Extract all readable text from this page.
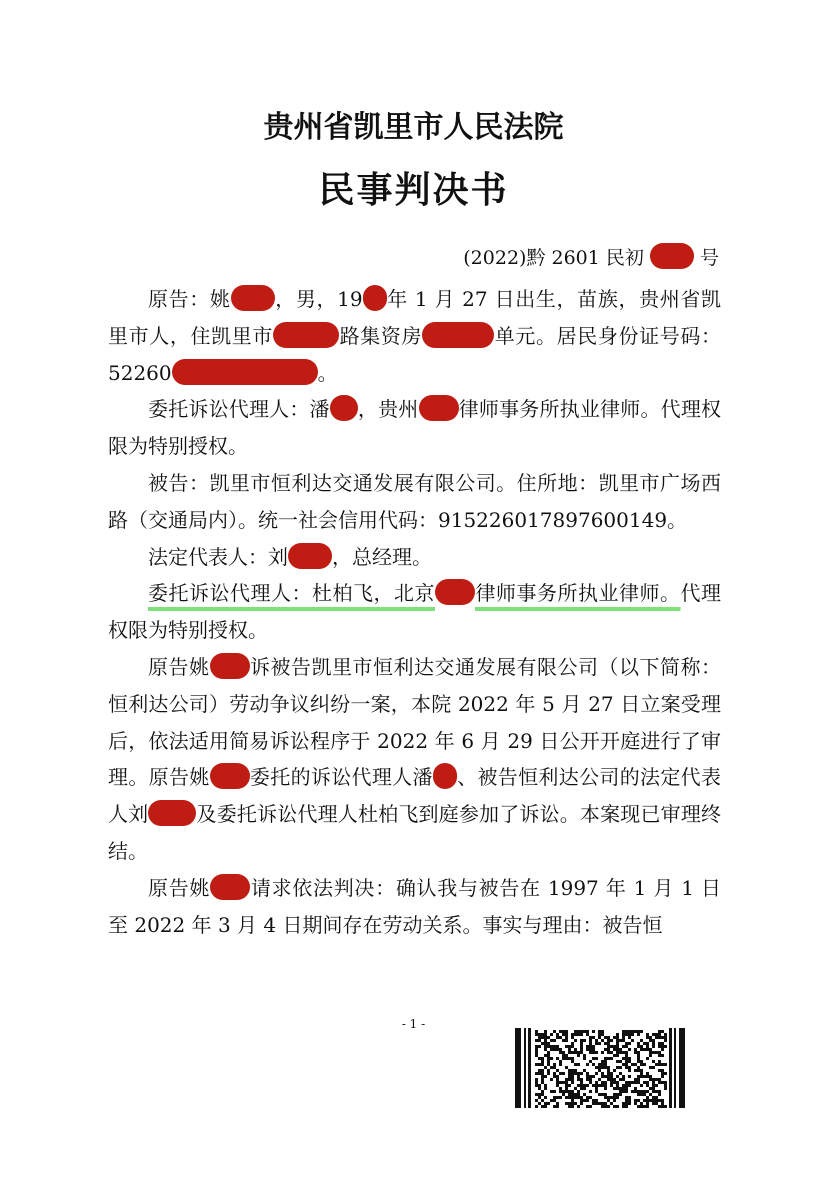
贵州省凯里市人民法院
民事判决书
(2022)黔 2601 民初	号

原告：姚 ，男，19 年 1 月 27 日出生，苗族，贵州省凯里市人，住凯里市	路集资房	单元。居民身份证号码：52260	。

委托诉讼代理人：潘 ，贵州 律师事务所执业律师。代理权限为特别授权。

被告：凯里市恒利达交通发展有限公司。住所地：凯里市广场西路（交通局内）。统一社会信用代码：915226017897600149。

法定代表人：刘 ，总经理。

委托诉讼代理人：杜柏飞，北京 律师事务所执业律师。代理权限为特别授权。

原告姚 诉被告凯里市恒利达交通发展有限公司（以下简称：恒利达公司）劳动争议纠纷一案，本院 2022 年 5 月 27 日立案受理后，依法适用简易诉讼程序于 2022 年 6 月 29 日公开开庭进行了审理。原告姚 委托的诉讼代理人潘 、被告恒利达公司的法定代表人刘 及委托诉讼代理人杜柏飞到庭参加了诉讼。本案现已审理终结。

原告姚 请求依法判决：确认我与被告在 1997 年 1 月 1 日至 2022 年 3 月 4 日期间存在劳动关系。事实与理由：被告恒

- 1 -
